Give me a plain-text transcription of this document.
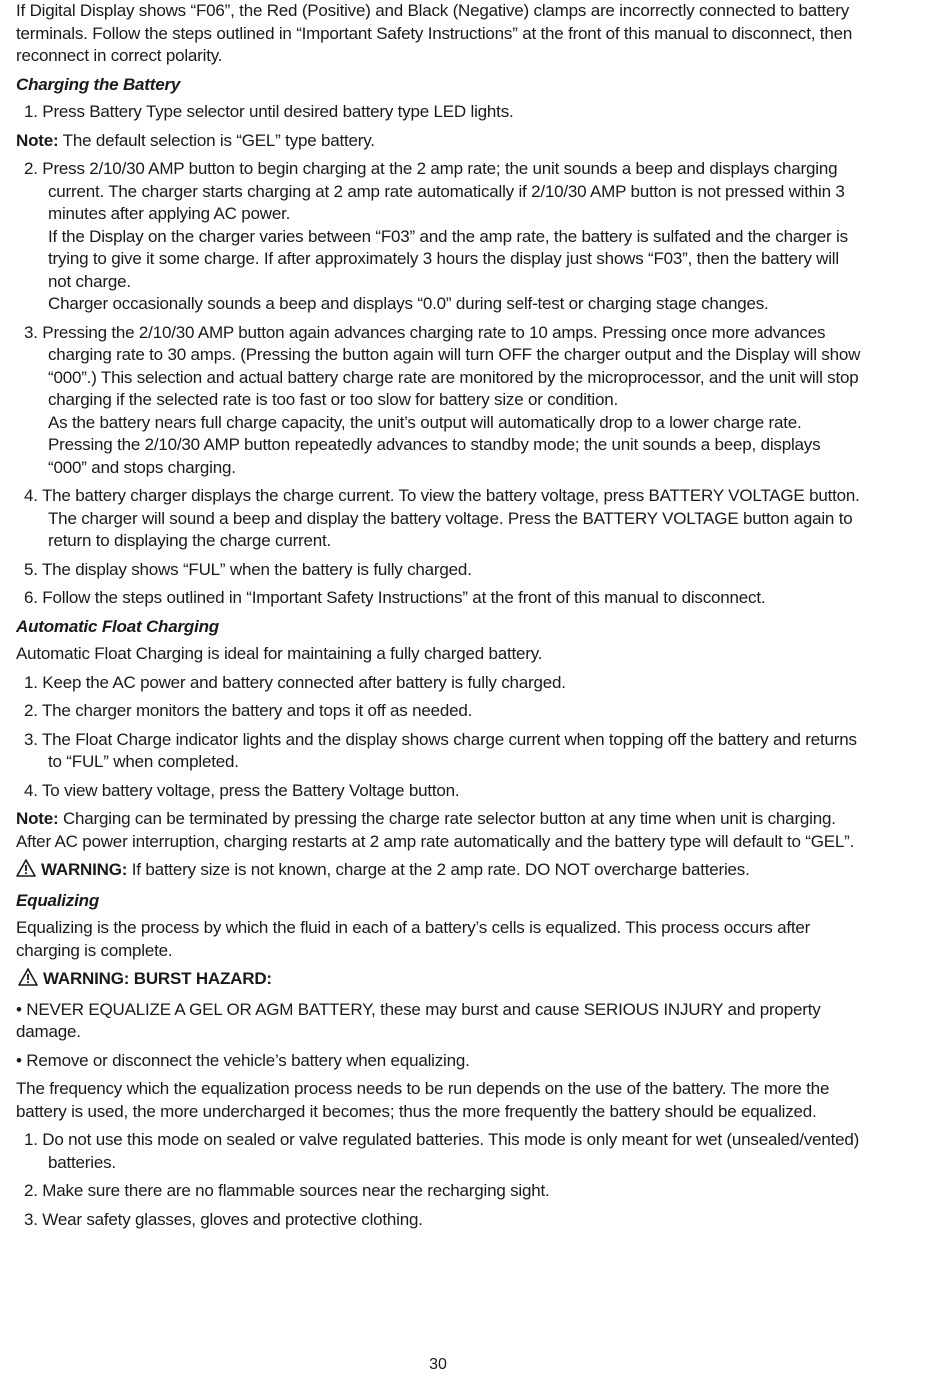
If Digital Display shows “F06”, the Red (Positive) and Black (Negative) clamps are incorrectly connected to battery terminals. Follow the steps outlined in “Important Safety Instructions” at the front of this manual to disconnect, then reconnect in correct polarity.

Charging the Battery

1. Press Battery Type selector until desired battery type LED lights.

Note: The default selection is “GEL” type battery.

2. Press 2/10/30 AMP button to begin charging at the 2 amp rate; the unit sounds a beep and displays charging current. The charger starts charging at 2 amp rate automatically if 2/10/30 AMP button is not pressed within 3 minutes after applying AC power.

If the Display on the charger varies between “F03” and the amp rate, the battery is sulfated and the charger is trying to give it some charge. If after approximately 3 hours the display just shows “F03”, then the battery will not charge.

Charger occasionally sounds a beep and displays “0.0” during self-test or charging stage changes.

3. Pressing the 2/10/30 AMP button again advances charging rate to 10 amps. Pressing once more advances charging rate to 30 amps. (Pressing the button again will turn OFF the charger output and the Display will show “000”.) This selection and actual battery charge rate are monitored by the microprocessor, and the unit will stop charging if the selected rate is too fast or too slow for battery size or condition.

As the battery nears full charge capacity, the unit’s output will automatically drop to a lower charge rate.

Pressing the 2/10/30 AMP button repeatedly advances to standby mode; the unit sounds a beep, displays “000” and stops charging.

4. The battery charger displays the charge current. To view the battery voltage, press BATTERY VOLTAGE button. The charger will sound a beep and display the battery voltage. Press the BATTERY VOLTAGE button again to return to displaying the charge current.

5. The display shows “FUL” when the battery is fully charged.

6. Follow the steps outlined in “Important Safety Instructions” at the front of this manual to disconnect.

Automatic Float Charging

Automatic Float Charging is ideal for maintaining a fully charged battery.

1. Keep the AC power and battery connected after battery is fully charged.

2. The charger monitors the battery and tops it off as needed.

3. The Float Charge indicator lights and the display shows charge current when topping off the battery and returns to “FUL” when completed.

4. To view battery voltage, press the Battery Voltage button.

Note: Charging can be terminated by pressing the charge rate selector button at any time when unit is charging. After AC power interruption, charging restarts at 2 amp rate automatically and the battery type will default to “GEL”.

WARNING: If battery size is not known, charge at the 2 amp rate. DO NOT overcharge batteries.

Equalizing

Equalizing is the process by which the fluid in each of a battery’s cells is equalized. This process occurs after charging is complete.

WARNING: BURST HAZARD:

• NEVER EQUALIZE A GEL OR AGM BATTERY, these may burst and cause SERIOUS INJURY and property damage.

• Remove or disconnect the vehicle’s battery when equalizing.

The frequency which the equalization process needs to be run depends on the use of the battery. The more the battery is used, the more undercharged it becomes; thus the more frequently the battery should be equalized.

1. Do not use this mode on sealed or valve regulated batteries. This mode is only meant for wet (unsealed/vented) batteries.

2. Make sure there are no flammable sources near the recharging sight.

3. Wear safety glasses, gloves and protective clothing.

30
